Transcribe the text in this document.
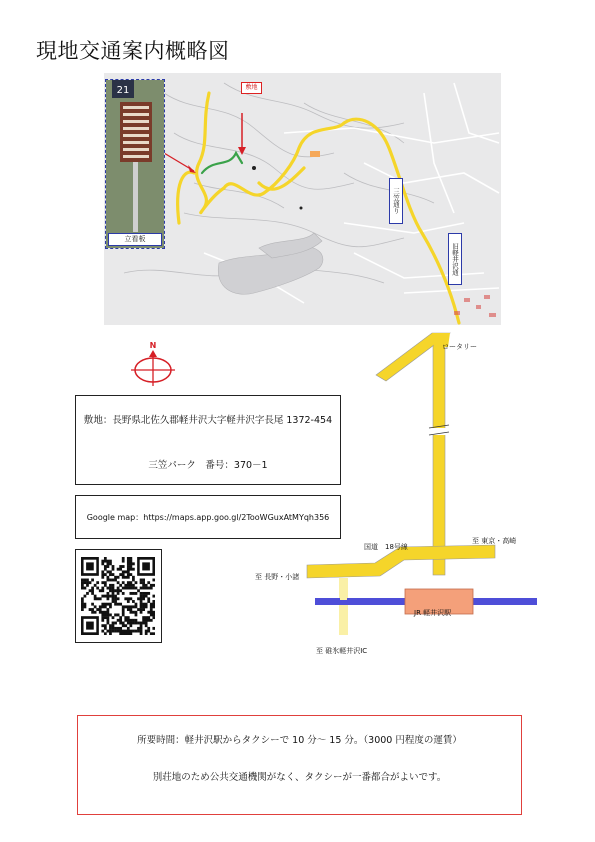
現地交通案内概略図
21
立看板
敷地
三笠通り
旧軽井沢通
N	ロータリー
国道　18号線
至 東京・高崎
至 長野・小諸
JR 軽井沢駅
至 碓氷軽井沢IC
敷地：長野県北佐久郡軽井沢大字軽井沢字長尾 1372-454
三笠パーク　番号：370－1
Google map：https://maps.app.goo.gl/2TooWGuxAtMYqh356
所要時間：軽井沢駅からタクシーで 10 分～ 15 分。（3000 円程度の運賃）
別荘地のため公共交通機関がなく、タクシーが一番都合がよいです。
